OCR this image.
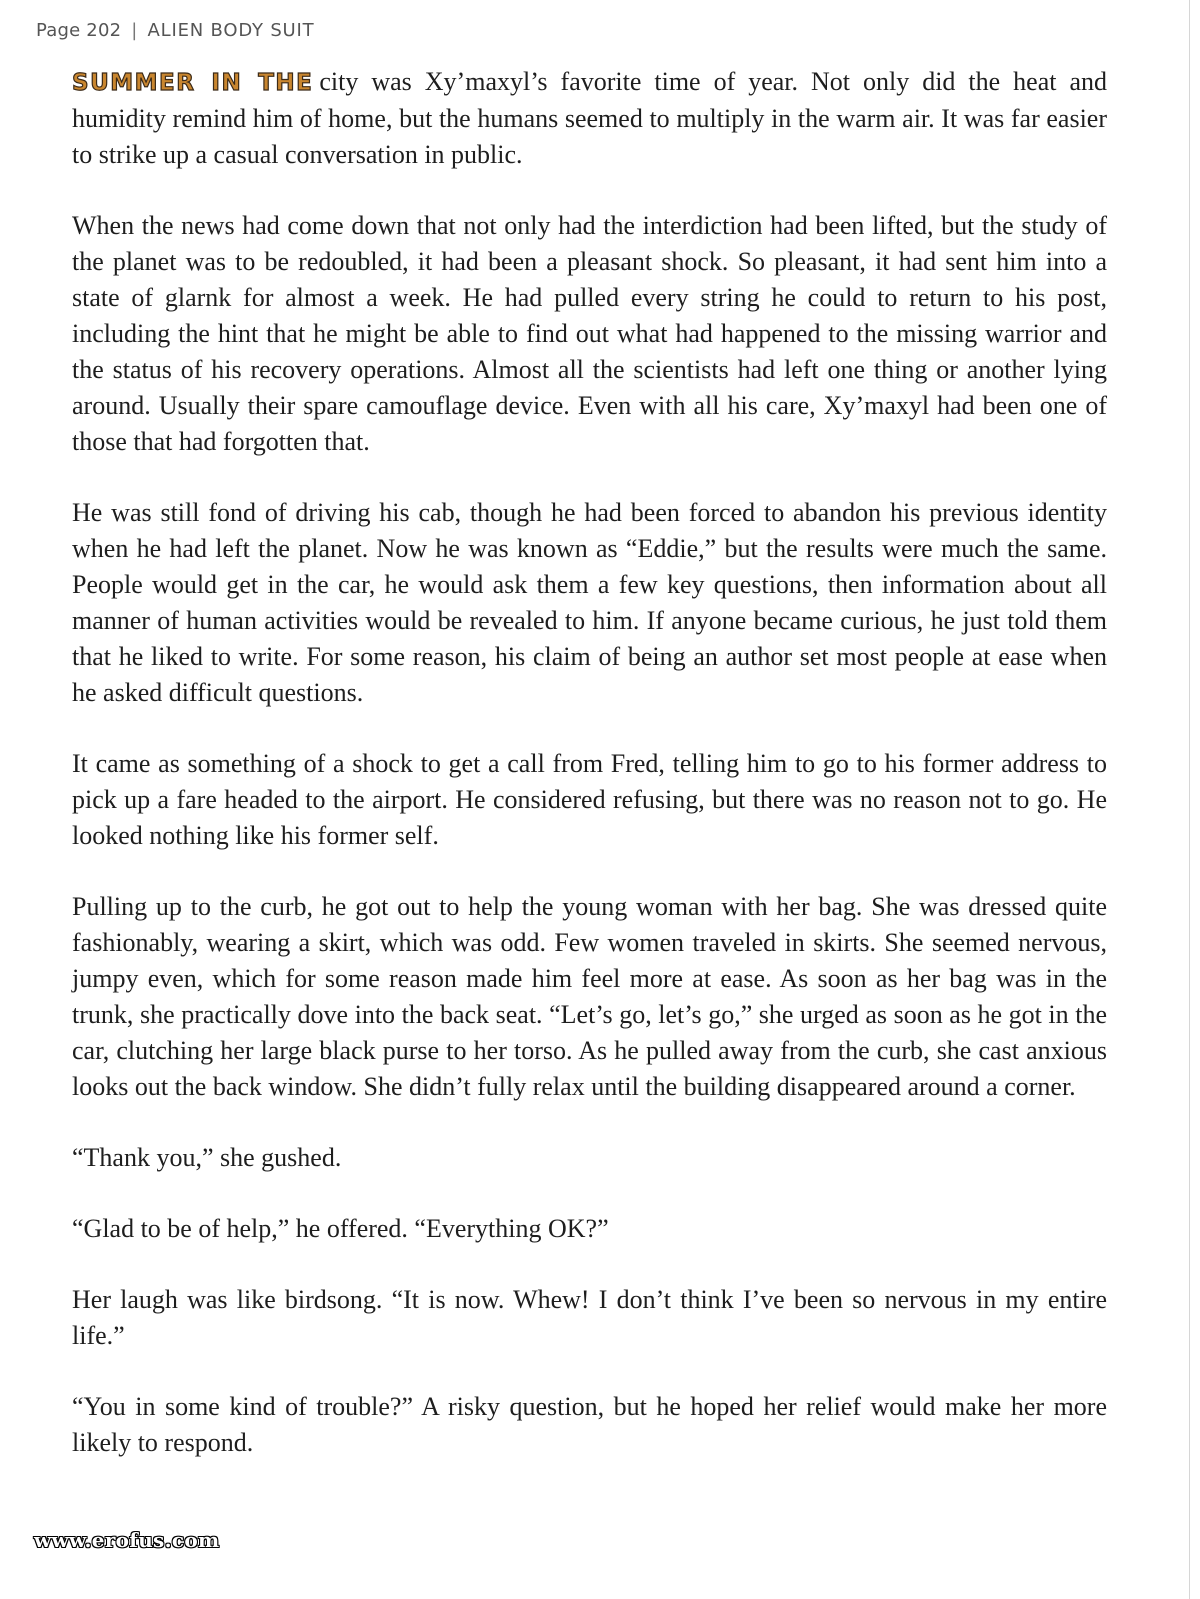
Page 202 | ALIEN BODY SUIT

SUMMER IN THE city was Xy’maxyl’s favorite time of year. Not only did the heat and humidity remind him of home, but the humans seemed to multiply in the warm air. It was far easier to strike up a casual conversation in public.

When the news had come down that not only had the interdiction had been lifted, but the study of the planet was to be redoubled, it had been a pleasant shock. So pleasant, it had sent him into a state of glarnk for almost a week. He had pulled every string he could to return to his post, including the hint that he might be able to find out what had happened to the missing warrior and the status of his recovery operations. Almost all the scientists had left one thing or another lying around. Usually their spare camouflage device. Even with all his care, Xy’maxyl had been one of those that had forgotten that.

He was still fond of driving his cab, though he had been forced to abandon his previous identity when he had left the planet. Now he was known as “Eddie,” but the results were much the same. People would get in the car, he would ask them a few key questions, then information about all manner of human activities would be revealed to him. If anyone became curious, he just told them that he liked to write. For some reason, his claim of being an author set most people at ease when he asked difficult questions.

It came as something of a shock to get a call from Fred, telling him to go to his former address to pick up a fare headed to the airport. He considered refusing, but there was no reason not to go. He looked nothing like his former self.

Pulling up to the curb, he got out to help the young woman with her bag. She was dressed quite fashionably, wearing a skirt, which was odd. Few women traveled in skirts. She seemed nervous, jumpy even, which for some reason made him feel more at ease. As soon as her bag was in the trunk, she practically dove into the back seat. “Let’s go, let’s go,” she urged as soon as he got in the car, clutching her large black purse to her torso. As he pulled away from the curb, she cast anxious looks out the back window. She didn’t fully relax until the building disappeared around a corner.

“Thank you,” she gushed.

“Glad to be of help,” he offered. “Everything OK?”

Her laugh was like birdsong. “It is now. Whew! I don’t think I’ve been so nervous in my entire life.”

“You in some kind of trouble?” A risky question, but he hoped her relief would make her more likely to respond.

www.erofus.com
